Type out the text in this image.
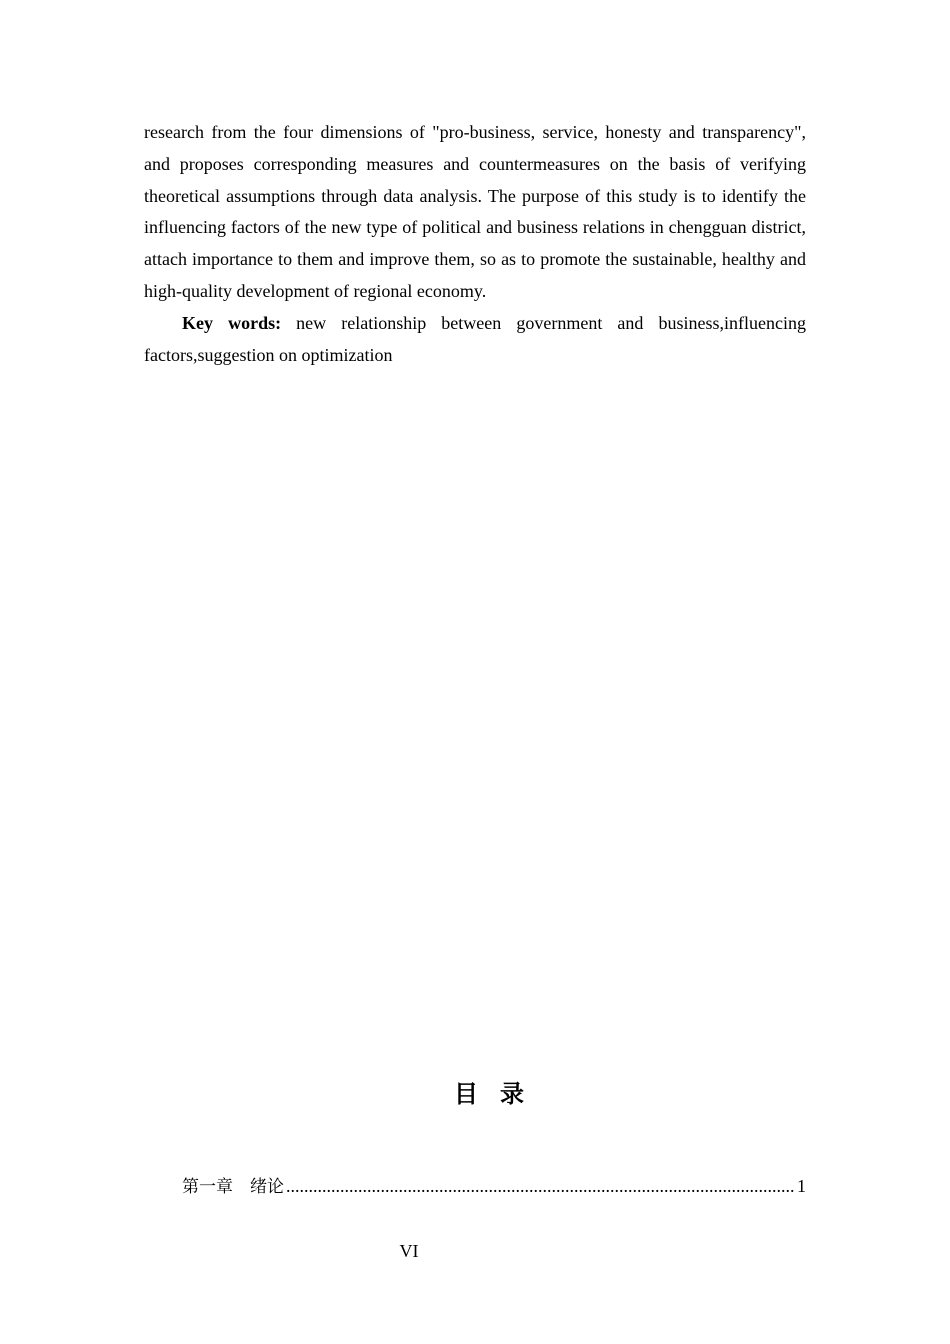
research from the four dimensions of "pro-business, service, honesty and transparency", and proposes corresponding measures and countermeasures on the basis of verifying theoretical assumptions through data analysis. The purpose of this study is to identify the influencing factors of the new type of political and business relations in chengguan district, attach importance to them and improve them, so as to promote the sustainable, healthy and high-quality development of regional economy.

Key words: new relationship between government and business,influencing factors,suggestion on optimization

目录
第一章　绪论
.....	1

VI
